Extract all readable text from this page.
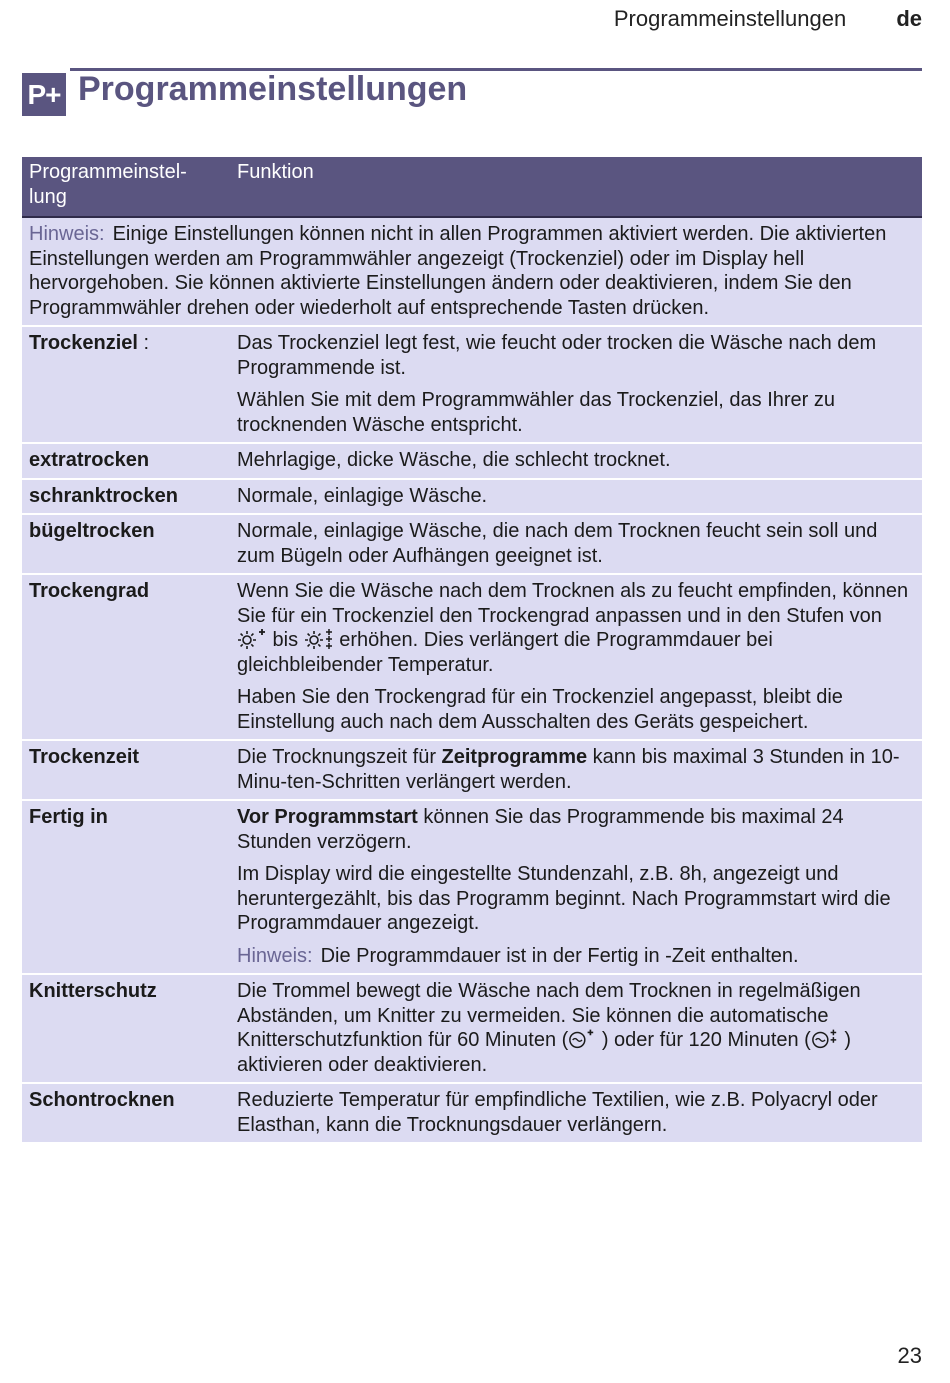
Programmeinstellungen de
P+ Programmeinstellungen
Programmeinstel-
lung	Funktion
Hinweis: Einige Einstellungen können nicht in allen Programmen aktiviert werden. Die aktivierten Einstellungen werden am Programmwähler angezeigt (Trockenziel) oder im Display hell hervorgehoben. Sie können aktivierte Einstellungen ändern oder deaktivieren, indem Sie den Programmwähler drehen oder wiederholt auf entsprechende Tasten drücken.	
Trockenziel :	Das Trockenziel legt fest, wie feucht oder trocken die Wäsche nach dem Programmende ist.

Wählen Sie mit dem Programmwähler das Trockenziel, das Ihrer zu trocknenden Wäsche entspricht.

extratrocken	Mehrlagige, dicke Wäsche, die schlecht trocknet.
schranktrocken	Normale, einlagige Wäsche.
bügeltrocken	Normale, einlagige Wäsche, die nach dem Trocknen feucht sein soll und zum Bügeln oder Aufhängen geeignet ist.
Trockengrad	Wenn Sie die Wäsche nach dem Trocknen als zu feucht empfinden, können Sie für ein Trockenziel den Trockengrad anpassen und in den Stufen von  bis  erhöhen. Dies verlängert die Programmdauer bei gleichbleibender Temperatur.

Haben Sie den Trockengrad für ein Trockenziel angepasst, bleibt die Einstellung auch nach dem Ausschalten des Geräts gespeichert.

Trockenzeit	Die Trocknungszeit für Zeitprogramme kann bis maximal 3 Stunden in 10-Minu-ten-Schritten verlängert werden.
Fertig in	Vor Programmstart können Sie das Programmende bis maximal 24 Stunden verzögern.

Im Display wird die eingestellte Stundenzahl, z.B. 8h, angezeigt und heruntergezählt, bis das Programm beginnt. Nach Programmstart wird die Programmdauer angezeigt.

Hinweis: Die Programmdauer ist in der Fertig in -Zeit enthalten.

Knitterschutz	Die Trommel bewegt die Wäsche nach dem Trocknen in regelmäßigen Abständen, um Knitter zu vermeiden. Sie können die automatische Knitterschutzfunktion für 60 Minuten ( ) oder für 120 Minuten ( ) aktivieren oder deaktivieren.
Schontrocknen	Reduzierte Temperatur für empfindliche Textilien, wie z.B. Polyacryl oder Elasthan, kann die Trocknungsdauer verlängern.
23
